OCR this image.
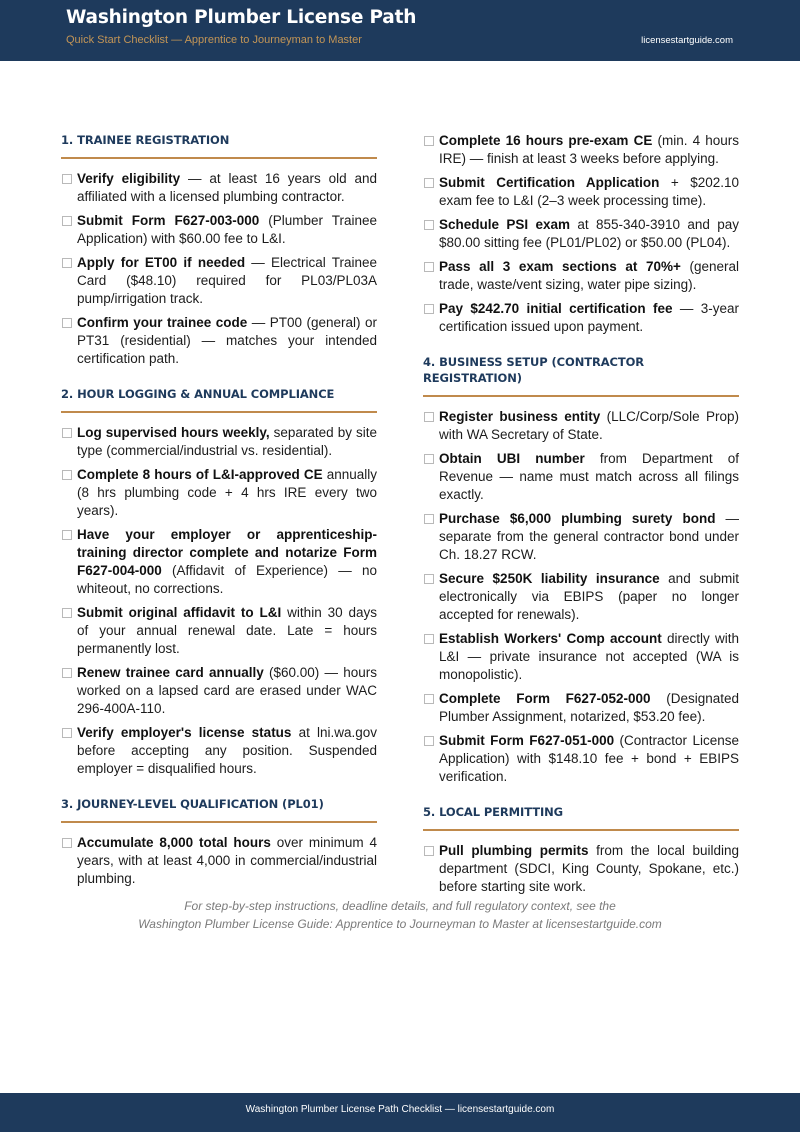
Washington Plumber License Path
Quick Start Checklist — Apprentice to Journeyman to Master	licensestartguide.com
1. TRAINEE REGISTRATION
Verify eligibility — at least 16 years old and affiliated with a licensed plumbing contractor.
Submit Form F627-003-000 (Plumber Trainee Application) with $60.00 fee to L&I.
Apply for ET00 if needed — Electrical Trainee Card ($48.10) required for PL03/PL03A pump/irrigation track.
Confirm your trainee code — PT00 (general) or PT31 (residential) — matches your intended certification path.
2. HOUR LOGGING & ANNUAL COMPLIANCE
Log supervised hours weekly, separated by site type (commercial/industrial vs. residential).
Complete 8 hours of L&I-approved CE annually (8 hrs plumbing code + 4 hrs IRE every two years).
Have your employer or apprenticeship-training director complete and notarize Form F627-004-000 (Affidavit of Experience) — no whiteout, no corrections.
Submit original affidavit to L&I within 30 days of your annual renewal date. Late = hours permanently lost.
Renew trainee card annually ($60.00) — hours worked on a lapsed card are erased under WAC 296-400A-110.
Verify employer's license status at lni.wa.gov before accepting any position. Suspended employer = disqualified hours.
3. JOURNEY-LEVEL QUALIFICATION (PL01)
Accumulate 8,000 total hours over minimum 4 years, with at least 4,000 in commercial/industrial plumbing.
Complete 16 hours pre-exam CE (min. 4 hours IRE) — finish at least 3 weeks before applying.
Submit Certification Application + $202.10 exam fee to L&I (2–3 week processing time).
Schedule PSI exam at 855-340-3910 and pay $80.00 sitting fee (PL01/PL02) or $50.00 (PL04).
Pass all 3 exam sections at 70%+ (general trade, waste/vent sizing, water pipe sizing).
Pay $242.70 initial certification fee — 3-year certification issued upon payment.
4. BUSINESS SETUP (CONTRACTOR REGISTRATION)
Register business entity (LLC/Corp/Sole Prop) with WA Secretary of State.
Obtain UBI number from Department of Revenue — name must match across all filings exactly.
Purchase $6,000 plumbing surety bond — separate from the general contractor bond under Ch. 18.27 RCW.
Secure $250K liability insurance and submit electronically via EBIPS (paper no longer accepted for renewals).
Establish Workers' Comp account directly with L&I — private insurance not accepted (WA is monopolistic).
Complete Form F627-052-000 (Designated Plumber Assignment, notarized, $53.20 fee).
Submit Form F627-051-000 (Contractor License Application) with $148.10 fee + bond + EBIPS verification.
5. LOCAL PERMITTING
Pull plumbing permits from the local building department (SDCI, King County, Spokane, etc.) before starting site work.
For step-by-step instructions, deadline details, and full regulatory context, see the
Washington Plumber License Guide: Apprentice to Journeyman to Master at licensestartguide.com
Washington Plumber License Path Checklist — licensestartguide.com
